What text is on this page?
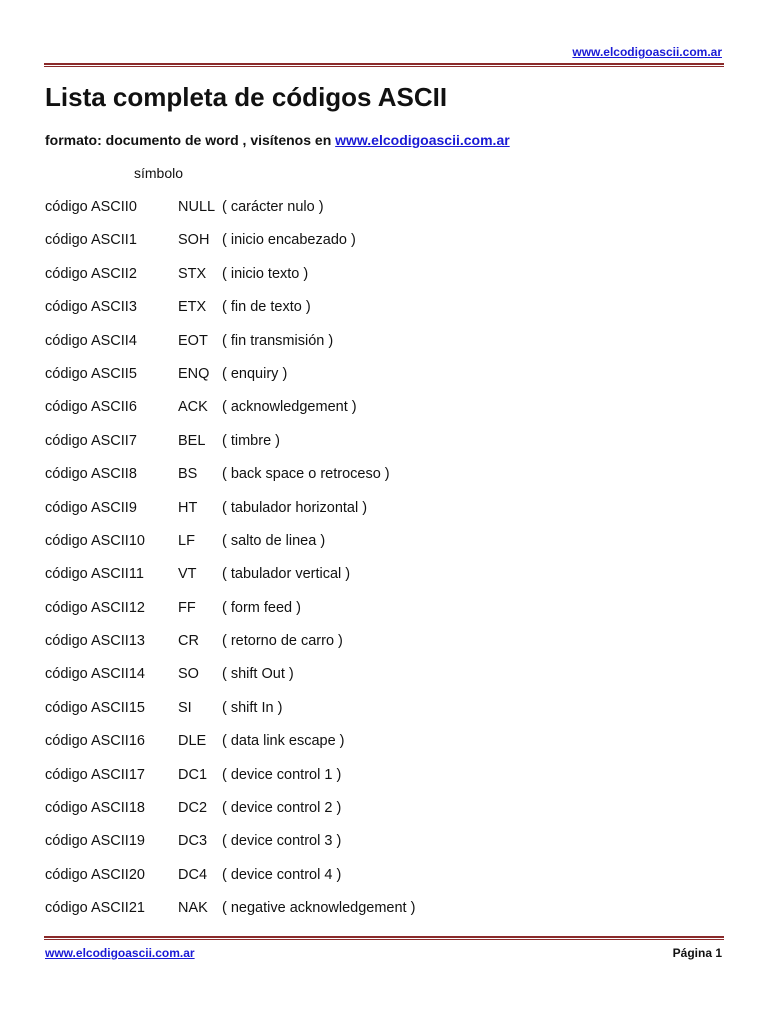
www.elcodigoascii.com.ar
Lista completa de códigos ASCII
formato: documento de word , visítenos en www.elcodigoascii.com.ar
símbolo
código ASCII0	NULL ( carácter nulo )
código ASCII1	SOH ( inicio encabezado )
código ASCII2	STX ( inicio texto )
código ASCII3	ETX ( fin de texto )
código ASCII4	EOT ( fin transmisión )
código ASCII5	ENQ ( enquiry )
código ASCII6	ACK ( acknowledgement )
código ASCII7	BEL ( timbre )
código ASCII8	BS ( back space o retroceso )
código ASCII9	HT ( tabulador horizontal )
código ASCII10 LF ( salto de linea )
código ASCII11 VT ( tabulador vertical )
código ASCII12 FF ( form feed )
código ASCII13 CR ( retorno de carro )
código ASCII14 SO ( shift Out )
código ASCII15 SI ( shift In )
código ASCII16 DLE ( data link escape )
código ASCII17 DC1 ( device control 1 )
código ASCII18 DC2 ( device control 2 )
código ASCII19 DC3 ( device control 3 )
código ASCII20 DC4 ( device control 4 )
código ASCII21 NAK ( negative acknowledgement )
www.elcodigoascii.com.ar	Página 1
